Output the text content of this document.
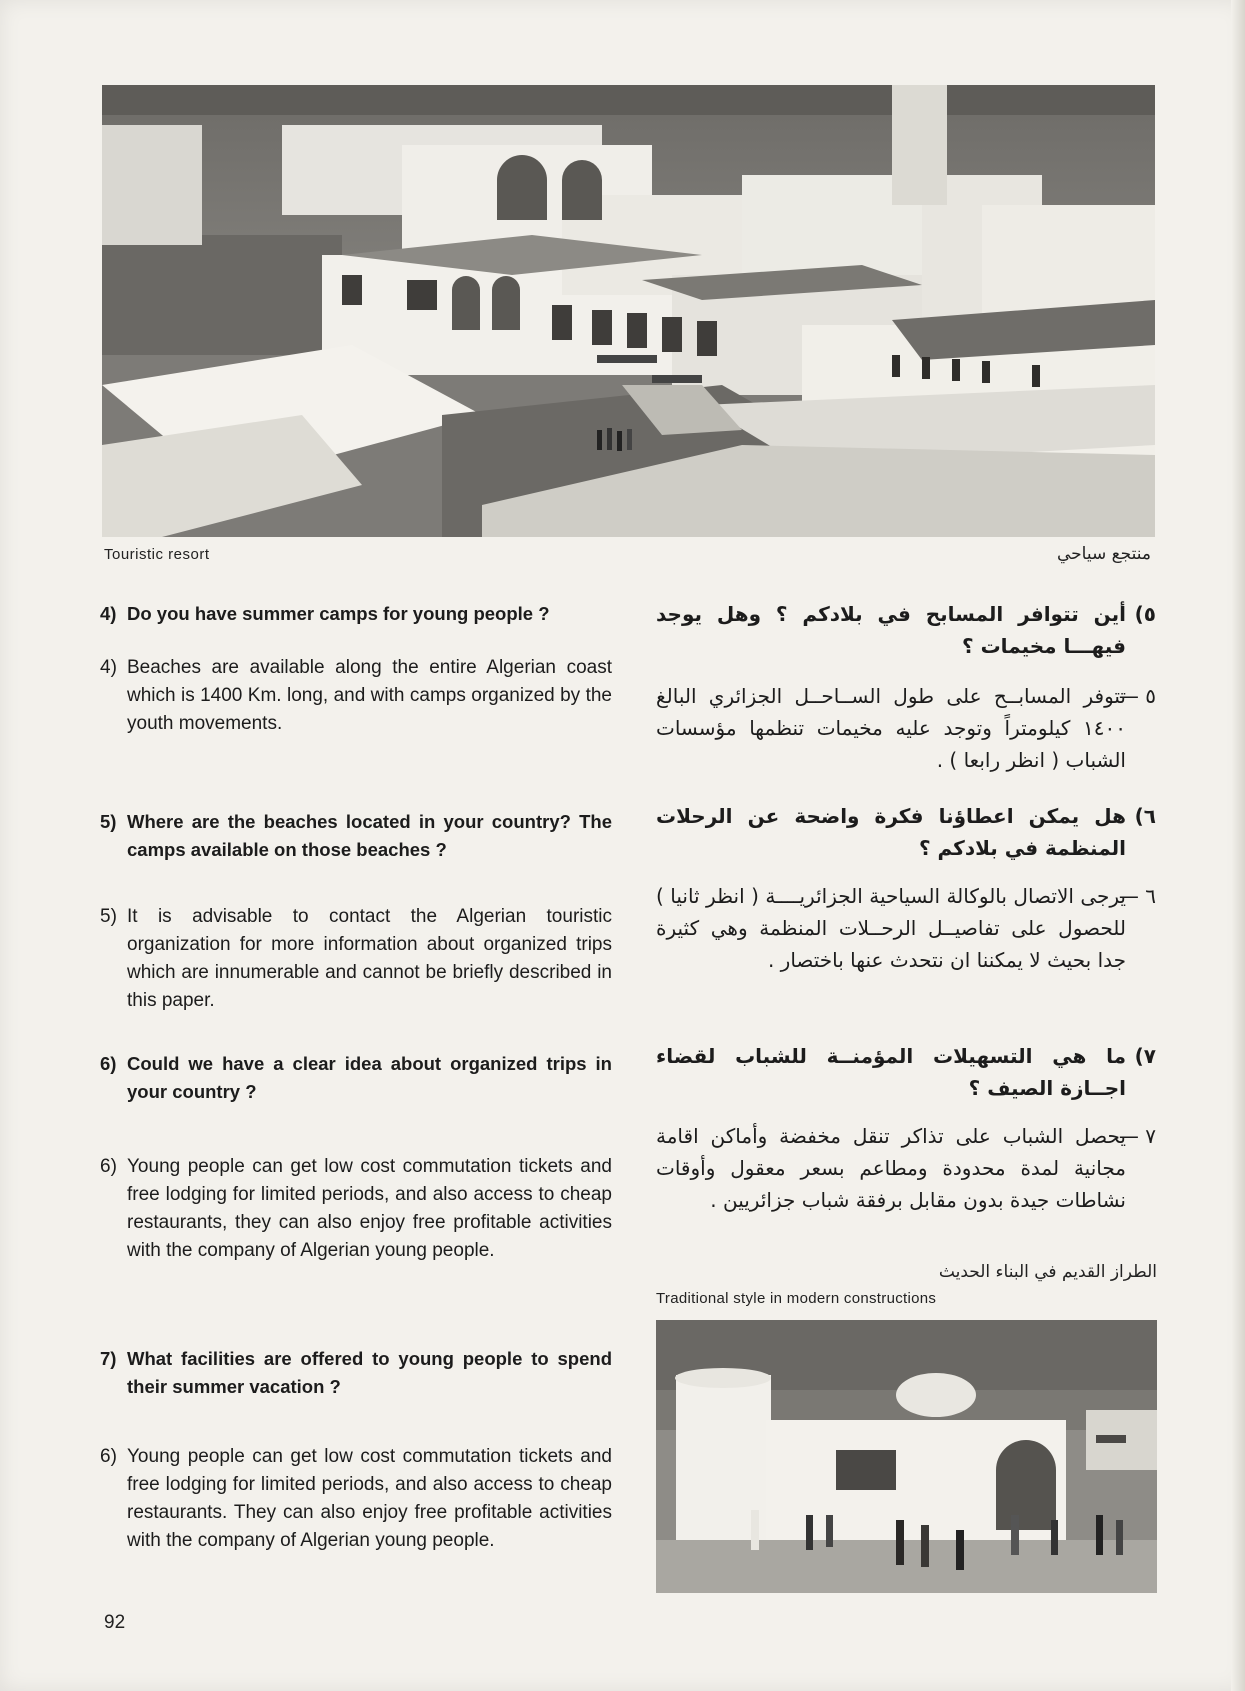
Touristic resort	منتجع سياحي
4) Do you have summer camps for young people ?
4) Beaches are available along the entire Algerian coast which is 1400 Km. long, and with camps organized by the youth movements.
5) Where are the beaches located in your country? The camps available on those beaches ?
5) It is advisable to contact the Algerian touristic organization for more information about organized trips which are innumerable and cannot be briefly described in this paper.
6) Could we have a clear idea about organized trips in your country ?
6) Young people can get low cost commutation tickets and free lodging for limited periods, and also access to cheap restaurants, they can also enjoy free profitable activities with the company of Algerian young people.
7) What facilities are offered to young people to spend their summer vacation ?
6) Young people can get low cost commutation tickets and free lodging for limited periods, and also access to cheap restaurants. They can also enjoy free profitable activities with the company of Algerian young people.
٥)
أين تتوافر المسابح في بلادكم ؟ وهل يوجد فيهـــا مخيمات ؟
٥ —
تتوفر المسابــح على طول الســاحــل الجزائري البالغ ١٤٠٠ كيلومتراً وتوجد عليه مخيمات تنظمها مؤسسات الشباب ( انظر رابعا ) .
٦)
هل يمكن اعطاؤنا فكرة واضحة عن الرحلات المنظمة في بلادكم ؟
٦ —
يرجى الاتصال بالوكالة السياحية الجزائريــــة ( انظر ثانيا ) للحصول على تفاصيــل الرحــلات المنظمة وهي كثيرة جدا بحيث لا يمكننا ان نتحدث عنها باختصار .
٧)
ما هي التسهيلات المؤمنــة للشباب لقضاء اجــازة الصيف ؟
٧ —
يحصل الشباب على تذاكر تنقل مخفضة وأماكن اقامة مجانية لمدة محدودة ومطاعم بسعر معقول وأوقات نشاطات جيدة بدون مقابل برفقة شباب جزائريين .
الطراز القديم في البناء الحديث
Traditional style in modern constructions
92
